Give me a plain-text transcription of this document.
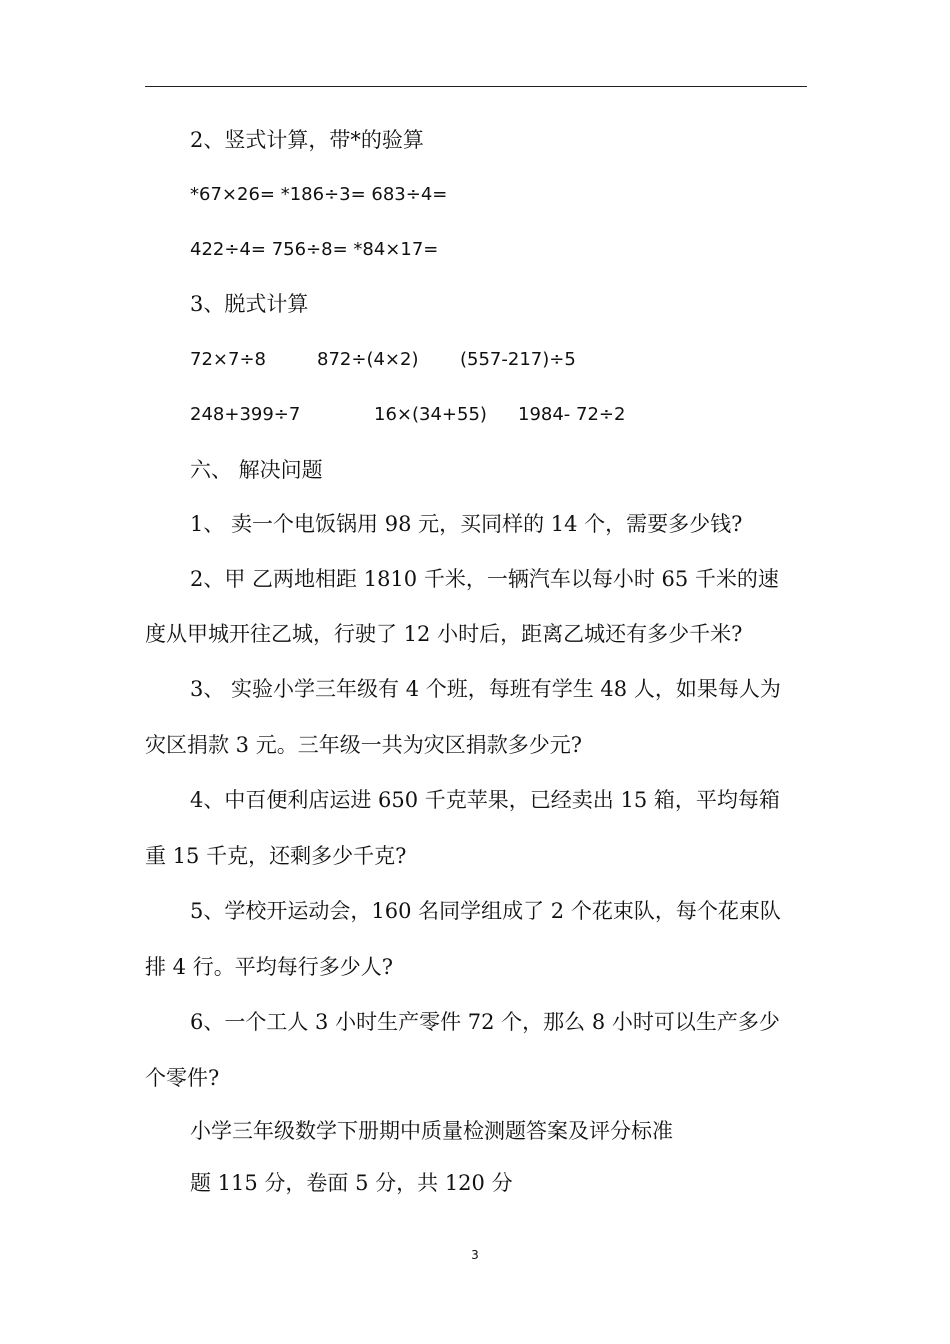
2、竖式计算，带*的验算
*67×26= *186÷3= 683÷4=
422÷4= 756÷8= *84×17=
3、脱式计算
72×7÷8	872÷(4×2) (557-217)÷5
248+399÷7	16×(34+55) 1984- 72÷2
六、 解决问题
1、 卖一个电饭锅用 98 元，买同样的 14 个，需要多少钱?
2、甲 乙两地相距 1810 千米，一辆汽车以每小时 65 千米的速
度从甲城开往乙城，行驶了 12 小时后，距离乙城还有多少千米?
3、 实验小学三年级有 4 个班，每班有学生 48 人，如果每人为
灾区捐款 3 元。三年级一共为灾区捐款多少元?
4、中百便利店运进 650 千克苹果，已经卖出 15 箱，平均每箱
重 15 千克，还剩多少千克?
5、学校开运动会，160 名同学组成了 2 个花束队，每个花束队
排 4 行。平均每行多少人?
6、一个工人 3 小时生产零件 72 个，那么 8 小时可以生产多少
个零件?
小学三年级数学下册期中质量检测题答案及评分标准
题 115 分，卷面 5 分，共 120 分
3
